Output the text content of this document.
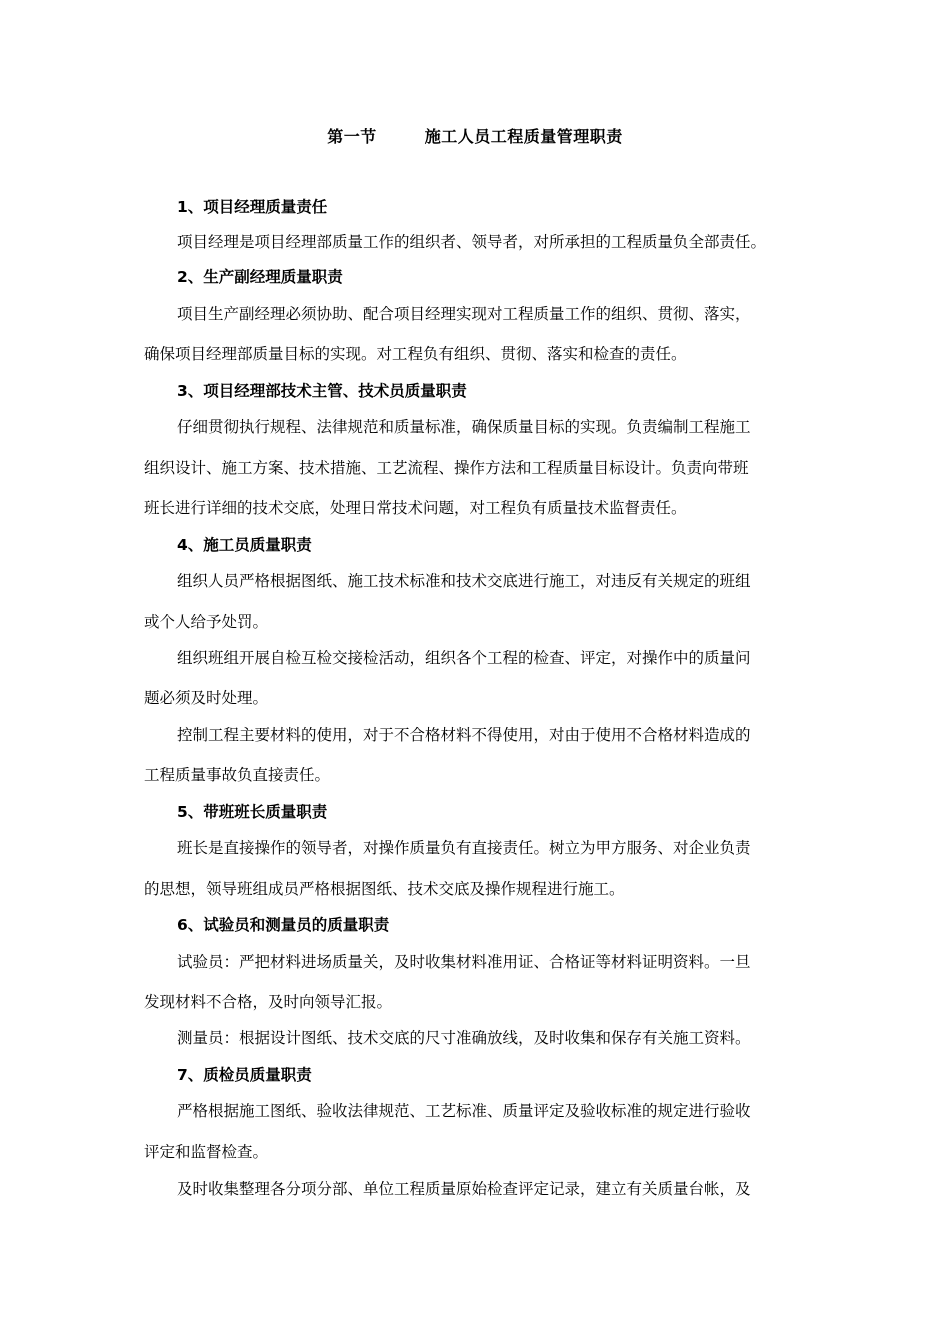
第一节	施工人员工程质量管理职责
1、项目经理质量责任
项目经理是项目经理部质量工作的组织者、领导者，对所承担的工程质量负全部责任。
2、生产副经理质量职责
项目生产副经理必须协助、配合项目经理实现对工程质量工作的组织、贯彻、落实，
确保项目经理部质量目标的实现。对工程负有组织、贯彻、落实和检查的责任。
3、项目经理部技术主管、技术员质量职责
仔细贯彻执行规程、法律规范和质量标准，确保质量目标的实现。负责编制工程施工
组织设计、施工方案、技术措施、工艺流程、操作方法和工程质量目标设计。负责向带班
班长进行详细的技术交底，处理日常技术问题，对工程负有质量技术监督责任。
4、施工员质量职责
组织人员严格根据图纸、施工技术标准和技术交底进行施工，对违反有关规定的班组
或个人给予处罚。
组织班组开展自检互检交接检活动，组织各个工程的检查、评定，对操作中的质量问
题必须及时处理。
控制工程主要材料的使用，对于不合格材料不得使用，对由于使用不合格材料造成的
工程质量事故负直接责任。
5、带班班长质量职责
班长是直接操作的领导者，对操作质量负有直接责任。树立为甲方服务、对企业负责
的思想，领导班组成员严格根据图纸、技术交底及操作规程进行施工。
6、试验员和测量员的质量职责
试验员：严把材料进场质量关，及时收集材料准用证、合格证等材料证明资料。一旦
发现材料不合格，及时向领导汇报。
测量员：根据设计图纸、技术交底的尺寸准确放线，及时收集和保存有关施工资料。
7、质检员质量职责
严格根据施工图纸、验收法律规范、工艺标准、质量评定及验收标准的规定进行验收
评定和监督检查。
及时收集整理各分项分部、单位工程质量原始检查评定记录，建立有关质量台帐，及
